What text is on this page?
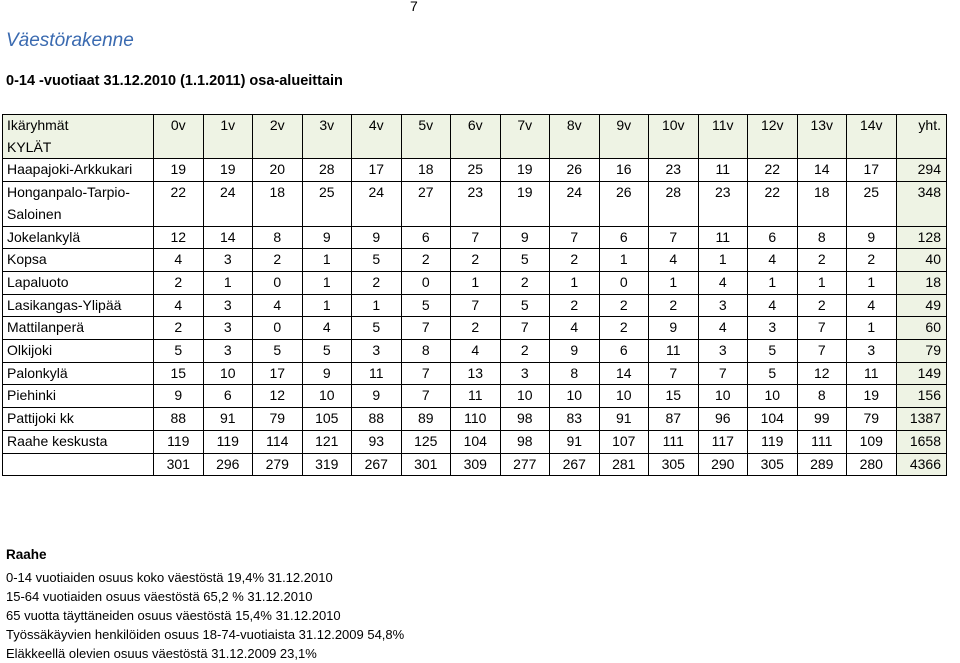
7
Väestörakenne
0-14 -vuotiaat 31.12.2010 (1.1.2011) osa-alueittain
Ikäryhmät
KYLÄT	0v	1v	2v	3v	4v	5v	6v	7v	8v	9v	10v	11v	12v	13v	14v	yht.
Haapajoki-Arkkukari	19	19	20	28	17	18	25	19	26	16	23	11	22	14	17	294
Honganpalo-Tarpio-Saloinen	22	24	18	25	24	27	23	19	24	26	28	23	22	18	25	348
Jokelankylä	12	14	8	9	9	6	7	9	7	6	7	11	6	8	9	128
Kopsa	4	3	2	1	5	2	2	5	2	1	4	1	4	2	2	40
Lapaluoto	2	1	0	1	2	0	1	2	1	0	1	4	1	1	1	18
Lasikangas-Ylipää	4	3	4	1	1	5	7	5	2	2	2	3	4	2	4	49
Mattilanperä	2	3	0	4	5	7	2	7	4	2	9	4	3	7	1	60
Olkijoki	5	3	5	5	3	8	4	2	9	6	11	3	5	7	3	79
Palonkylä	15	10	17	9	11	7	13	3	8	14	7	7	5	12	11	149
Piehinki	9	6	12	10	9	7	11	10	10	10	15	10	10	8	19	156
Pattijoki kk	88	91	79	105	88	89	110	98	83	91	87	96	104	99	79	1387
Raahe keskusta	119	119	114	121	93	125	104	98	91	107	111	117	119	111	109	1658
	301	296	279	319	267	301	309	277	267	281	305	290	305	289	280	4366
Raahe
0-14 vuotiaiden osuus koko väestöstä 19,4% 31.12.2010
15-64 vuotiaiden osuus väestöstä 65,2 % 31.12.2010
65 vuotta täyttäneiden osuus väestöstä 15,4% 31.12.2010
Työssäkäyvien henkilöiden osuus 18-74-vuotiaista 31.12.2009 54,8%
Eläkkeellä olevien osuus väestöstä 31.12.2009 23,1%
